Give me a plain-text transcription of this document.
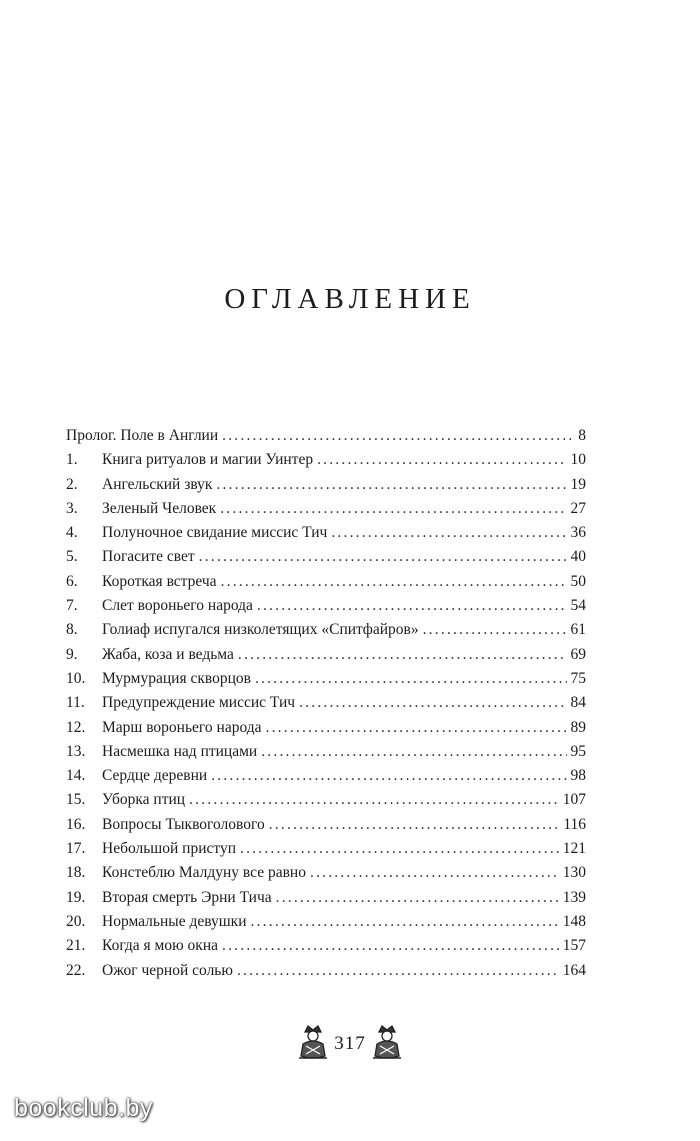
ОГЛАВЛЕНИЕ
Пролог. Поле в Англии .....	8
1.	Книга ритуалов и магии Уинтер .....	10
2.	Ангельский звук .....	19
3.	Зеленый Человек .....	27
4.	Полуночное свидание миссис Тич .....	36
5.	Погасите свет .....	40
6.	Короткая встреча .....	50
7.	Слет вороньего народа .....	54
8.	Голиаф испугался низколетящих «Спитфайров» .....	61
9.	Жаба, коза и ведьма .....	69
10.	Мурмурация скворцов .....	75
11.	Предупреждение миссис Тич .....	84
12.	Марш вороньего народа .....	89
13.	Насмешка над птицами .....	95
14.	Сердце деревни .....	98
15.	Уборка птиц .....	107
16.	Вопросы Тыквоголового .....	116
17.	Небольшой приступ .....	121
18.	Констеблю Малдуну все равно .....	130
19.	Вторая смерть Эрни Тича .....	139
20.	Нормальные девушки .....	148
21.	Когда я мою окна .....	157
22.	Ожог черной солью .....	164
317
bookclub.by
